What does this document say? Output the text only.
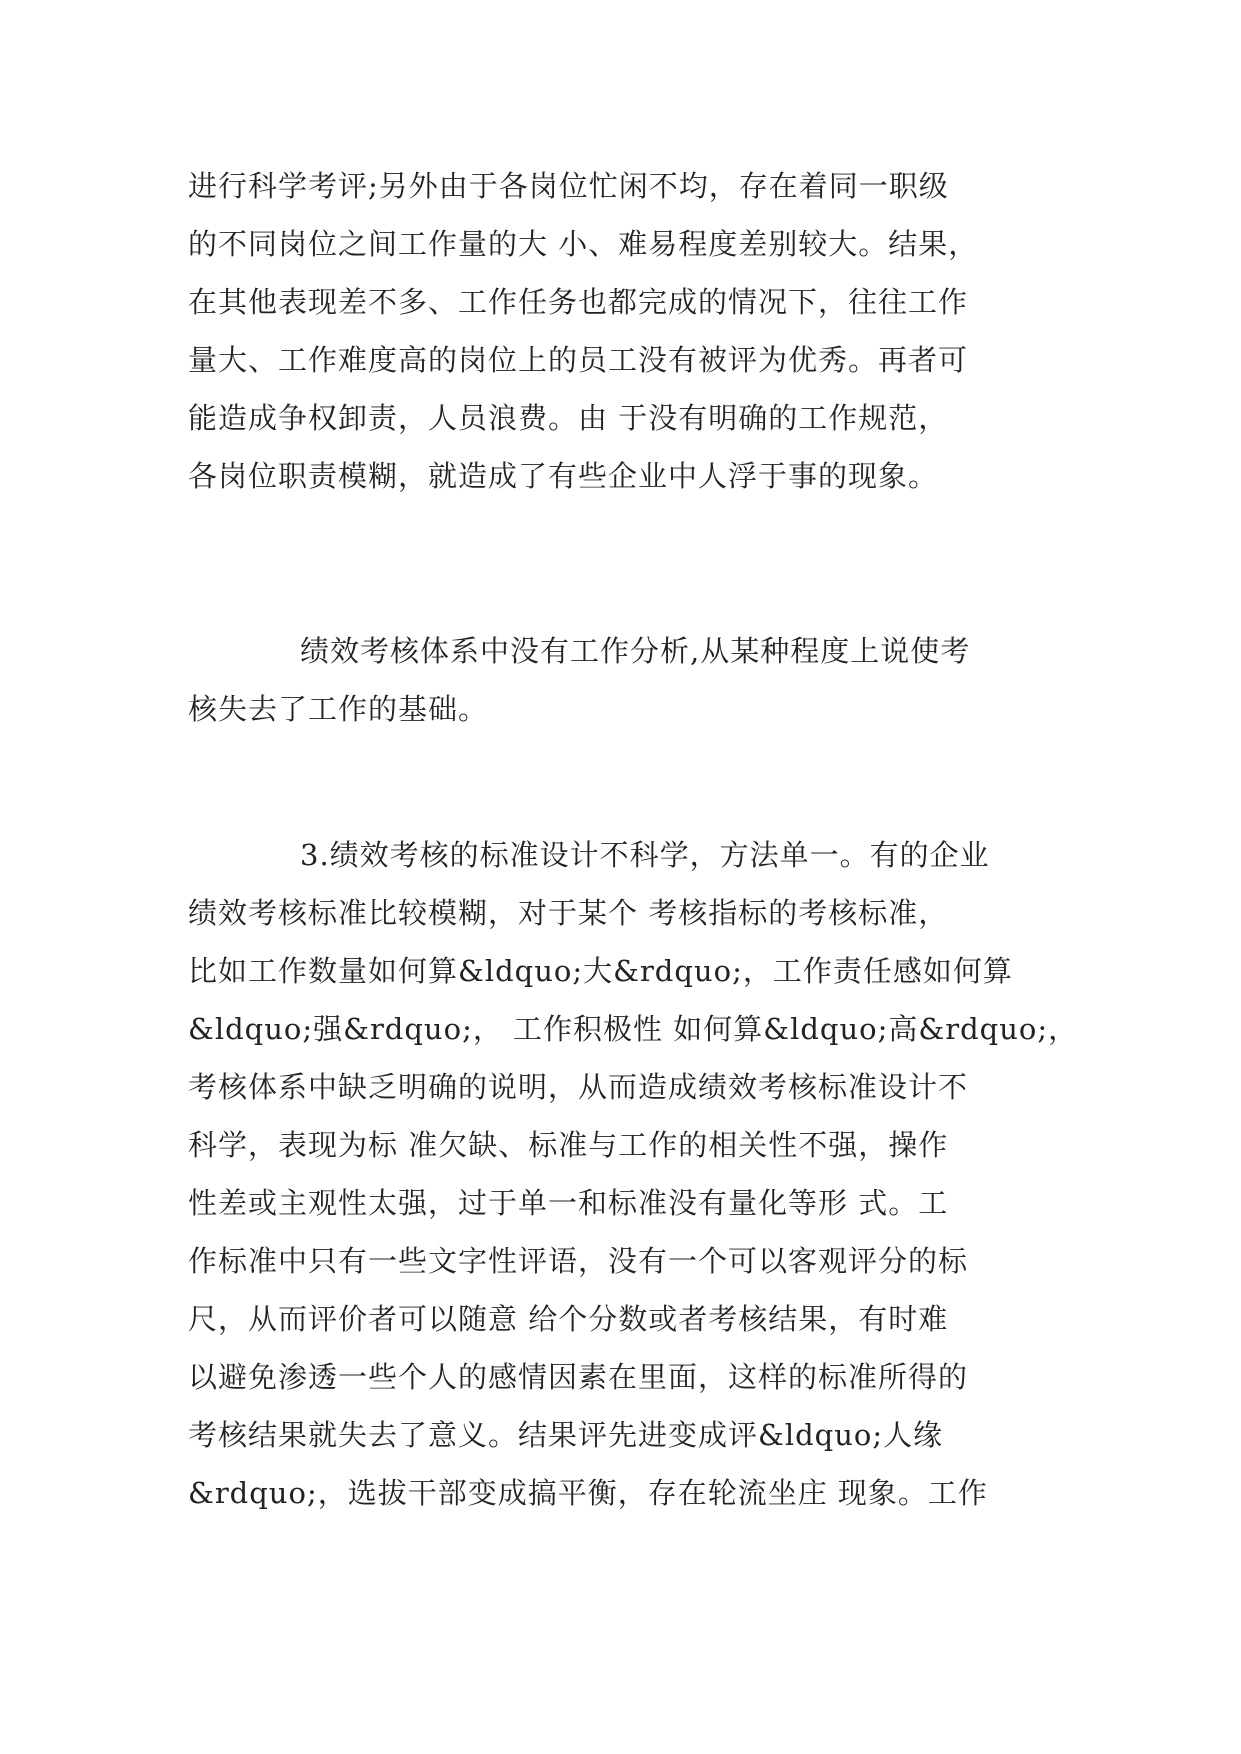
进行科学考评;另外由于各岗位忙闲不均，存在着同一职级
的不同岗位之间工作量的大 小、难易程度差别较大。结果，
在其他表现差不多、工作任务也都完成的情况下，往往工作
量大、工作难度高的岗位上的员工没有被评为优秀。再者可
能造成争权卸责，人员浪费。由 于没有明确的工作规范，
各岗位职责模糊，就造成了有些企业中人浮于事的现象。
绩效考核体系中没有工作分析,从某种程度上说使考
核失去了工作的基础。
3.绩效考核的标准设计不科学，方法单一。有的企业
绩效考核标准比较模糊，对于某个 考核指标的考核标准，
比如工作数量如何算&ldquo;大&rdquo;，工作责任感如何算
&ldquo;强&rdquo;， 工作积极性 如何算&ldquo;高&rdquo;，
考核体系中缺乏明确的说明，从而造成绩效考核标准设计不
科学，表现为标 准欠缺、标准与工作的相关性不强，操作
性差或主观性太强，过于单一和标准没有量化等形 式。工
作标准中只有一些文字性评语，没有一个可以客观评分的标
尺，从而评价者可以随意 给个分数或者考核结果，有时难
以避免渗透一些个人的感情因素在里面，这样的标准所得的
考核结果就失去了意义。结果评先进变成评&ldquo;人缘
&rdquo;，选拔干部变成搞平衡，存在轮流坐庄 现象。工作
